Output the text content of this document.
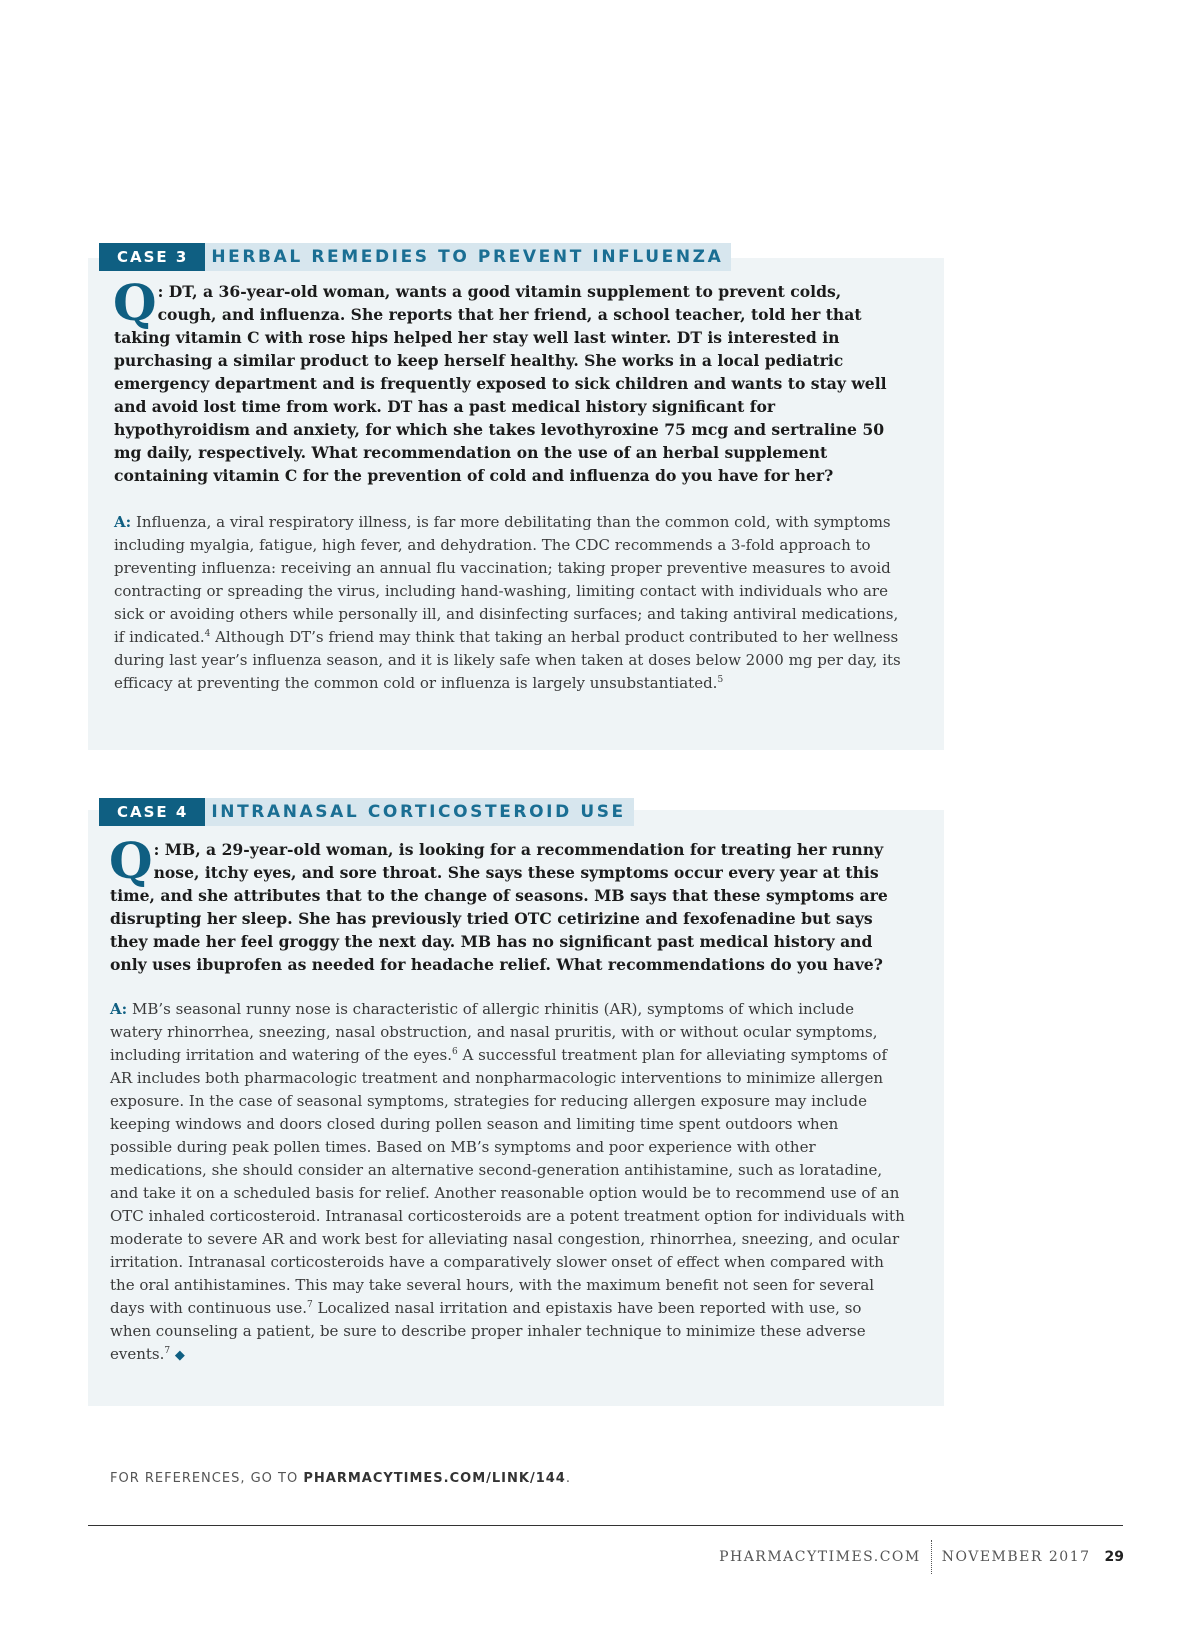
CASE 3	HERBAL REMEDIES TO PREVENT INFLUENZA

Q : DT, a 36-year-old woman, wants a good vitamin supplement to prevent colds, cough, and influenza. She reports that her friend, a school teacher, told her that taking vitamin C with rose hips helped her stay well last winter. DT is interested in purchasing a similar product to keep herself healthy. She works in a local pediatric emergency department and is frequently exposed to sick children and wants to stay well and avoid lost time from work. DT has a past medical history significant for hypothyroidism and anxiety, for which she takes levothyroxine 75 mcg and sertraline 50 mg daily, respectively. What recommendation on the use of an herbal supplement containing vitamin C for the prevention of cold and influenza do you have for her?

A: Influenza, a viral respiratory illness, is far more debilitating than the common cold, with symptoms including myalgia, fatigue, high fever, and dehydration. The CDC recommends a 3-fold approach to preventing influenza: receiving an annual flu vaccination; taking proper preventive measures to avoid contracting or spreading the virus, including hand-washing, limiting contact with individuals who are sick or avoiding others while personally ill, and disinfecting surfaces; and taking antiviral medications, if indicated.$^4$ Although DT’s friend may think that taking an herbal product contributed to her wellness during last year’s influenza season, and it is likely safe when taken at doses below 2000 mg per day, its efficacy at preventing the common cold or influenza is largely unsubstantiated.$^5$

CASE 4	INTRANASAL CORTICOSTEROID USE

Q : MB, a 29-year-old woman, is looking for a recommendation for treating her runny nose, itchy eyes, and sore throat. She says these symptoms occur every year at this time, and she attributes that to the change of seasons. MB says that these symptoms are disrupting her sleep. She has previously tried OTC cetirizine and fexofenadine but says they made her feel groggy the next day. MB has no significant past medical history and only uses ibuprofen as needed for headache relief. What recommendations do you have?

A: MB’s seasonal runny nose is characteristic of allergic rhinitis (AR), symptoms of which include watery rhinorrhea, sneezing, nasal obstruction, and nasal pruritis, with or without ocular symptoms, including irritation and watering of the eyes.$^6$ A successful treatment plan for alleviating symptoms of AR includes both pharmacologic treatment and nonpharmacologic interventions to minimize allergen exposure. In the case of seasonal symptoms, strategies for reducing allergen exposure may include keeping windows and doors closed during pollen season and limiting time spent outdoors when possible during peak pollen times. Based on MB’s symptoms and poor experience with other medications, she should consider an alternative second-generation antihistamine, such as loratadine, and take it on a scheduled basis for relief. Another reasonable option would be to recommend use of an OTC inhaled corticosteroid. Intranasal corticosteroids are a potent treatment option for individuals with moderate to severe AR and work best for alleviating nasal congestion, rhinorrhea, sneezing, and ocular irritation. Intranasal corticosteroids have a comparatively slower onset of effect when compared with the oral antihistamines. This may take several hours, with the maximum benefit not seen for several days with continuous use.$^7$ Localized nasal irritation and epistaxis have been reported with use, so when counseling a patient, be sure to describe proper inhaler technique to minimize these adverse events.$^7$ ◆

FOR REFERENCES, GO TO PHARMACYTIMES.COM/LINK/144.
PHARMACYTIMES.COM NOVEMBER 2017 29
